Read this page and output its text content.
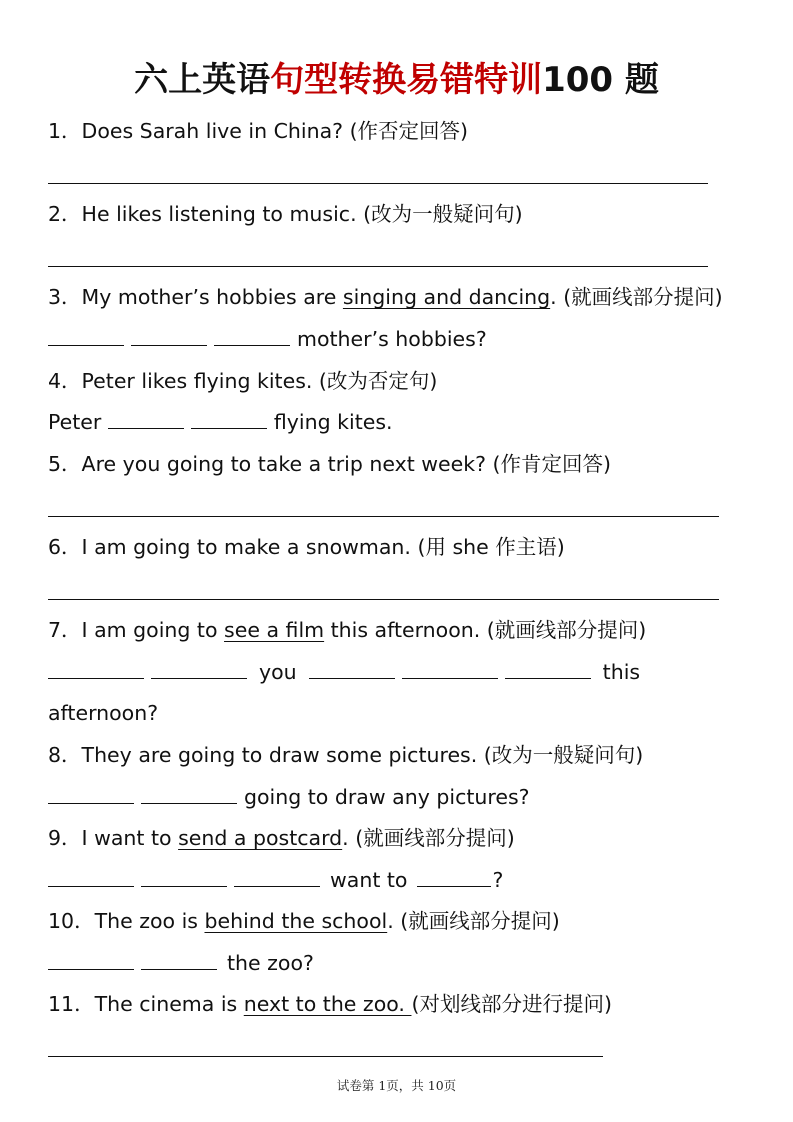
六上英语句型转换易错特训100 题
1．Does Sarah live in China? (作否定回答)
2．He likes listening to music. (改为一般疑问句)
3．My mother’s hobbies are singing and dancing. (就画线部分提问)
mother’s hobbies?
4．Peter likes flying kites. (改为否定句)
Peter	flying kites.
5．Are you going to take a trip next week? (作肯定回答)
6．I am going to make a snowman. (用 she 作主语)
7．I am going to see a film this afternoon. (就画线部分提问)
you	this
afternoon?
8．They are going to draw some pictures. (改为一般疑问句)
going to draw any pictures?
9．I want to send a postcard. (就画线部分提问)
want to	?
10．The zoo is behind the school. (就画线部分提问)
the zoo?
11．The cinema is next to the zoo. (对划线部分进行提问)
试卷第 1页，共 10页
